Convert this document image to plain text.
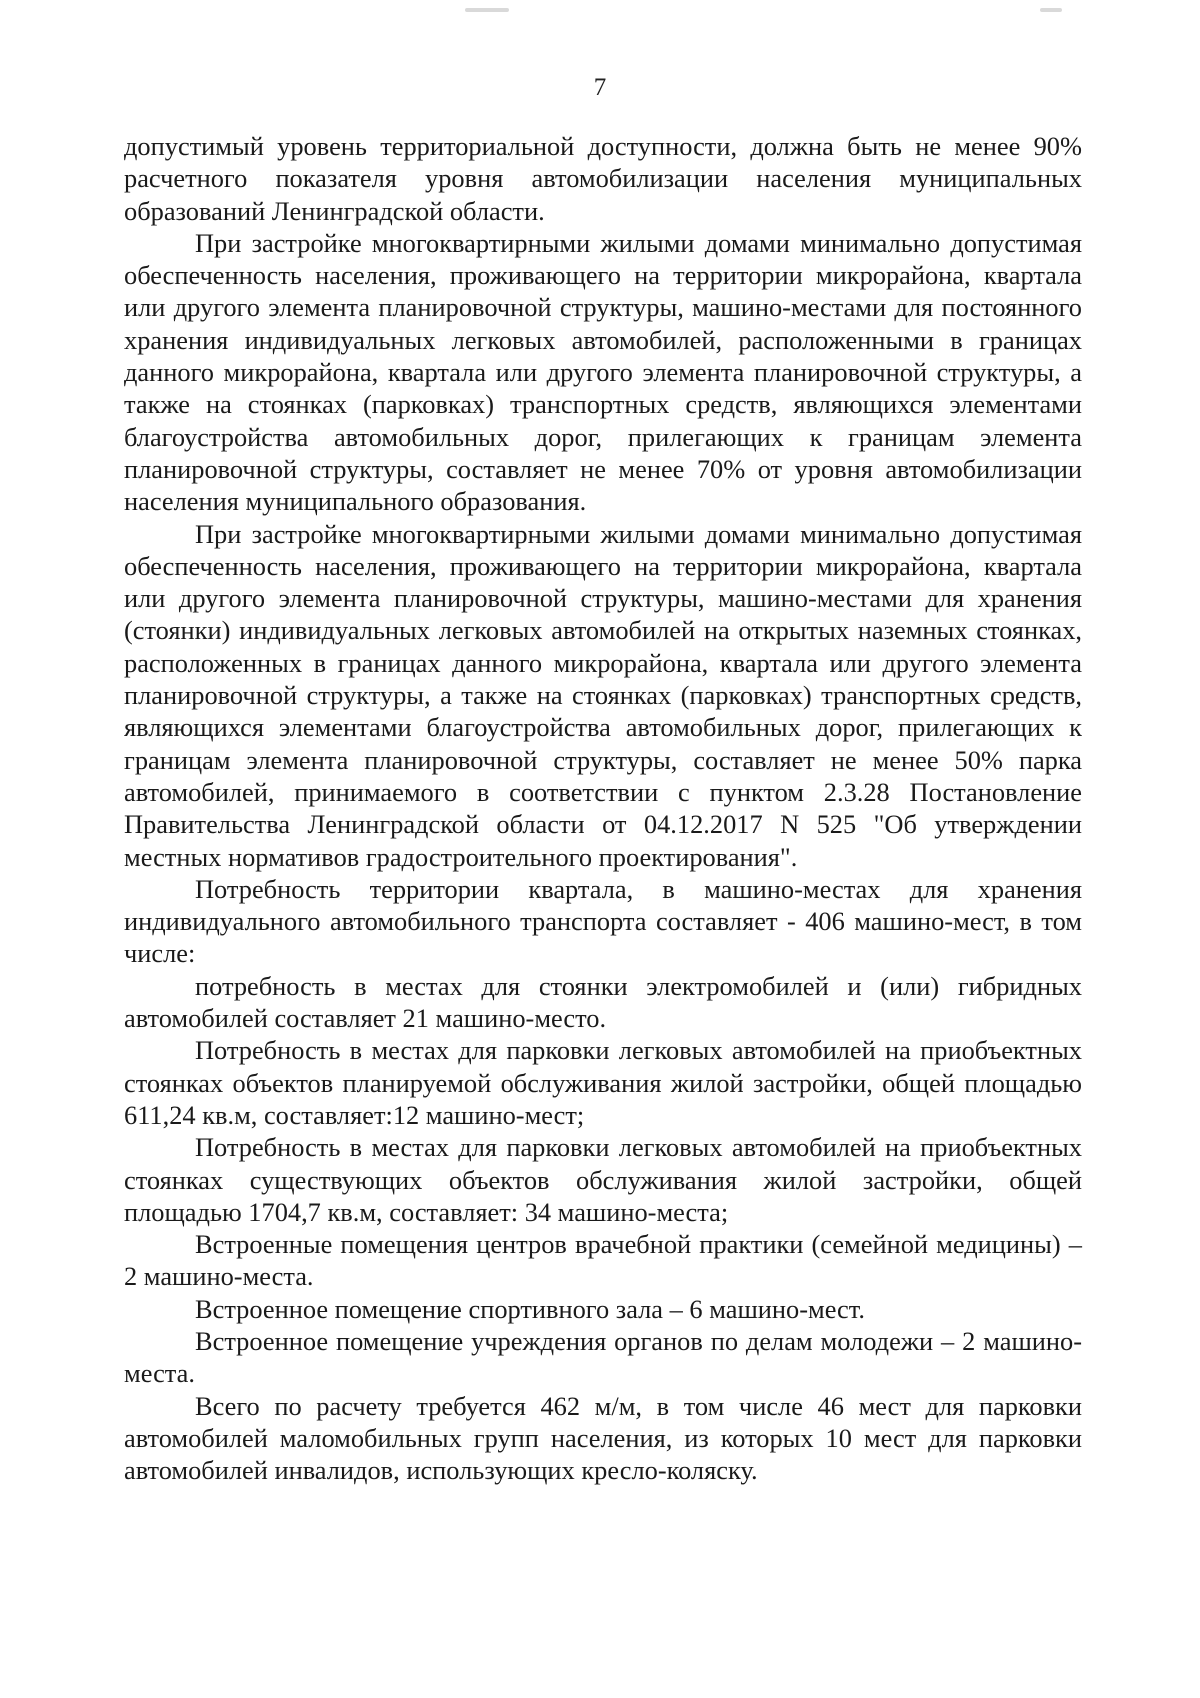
7

допустимый уровень территориальной доступности, должна быть не менее 90% расчетного показателя уровня автомобилизации населения муниципальных образований Ленинградской области.

При застройке многоквартирными жилыми домами минимально допустимая обеспеченность населения, проживающего на территории микрорайона, квартала или другого элемента планировочной структуры, машино-местами для постоянного хранения индивидуальных легковых автомобилей, расположенными в границах данного микрорайона, квартала или другого элемента планировочной структуры, а также на стоянках (парковках) транспортных средств, являющихся элементами благоустройства автомобильных дорог, прилегающих к границам элемента планировочной структуры, составляет не менее 70% от уровня автомобилизации населения муниципального образования.

При застройке многоквартирными жилыми домами минимально допустимая обеспеченность населения, проживающего на территории микрорайона, квартала или другого элемента планировочной структуры, машино-местами для хранения (стоянки) индивидуальных легковых автомобилей на открытых наземных стоянках, расположенных в границах данного микрорайона, квартала или другого элемента планировочной структуры, а также на стоянках (парковках) транспортных средств, являющихся элементами благоустройства автомобильных дорог, прилегающих к границам элемента планировочной структуры, составляет не менее 50% парка автомобилей, принимаемого в соответствии с пунктом 2.3.28 Постановление Правительства Ленинградской области от 04.12.2017 N 525 "Об утверждении местных нормативов градостроительного проектирования".

Потребность территории квартала, в машино-местах для хранения индивидуального автомобильного транспорта составляет - 406 машино-мест, в том числе:

потребность в местах для стоянки электромобилей и (или) гибридных автомобилей составляет 21 машино-место.

Потребность в местах для парковки легковых автомобилей на приобъектных стоянках объектов планируемой обслуживания жилой застройки, общей площадью 611,24 кв.м, составляет:12 машино-мест;

Потребность в местах для парковки легковых автомобилей на приобъектных стоянках существующих объектов обслуживания жилой застройки, общей площадью 1704,7 кв.м, составляет: 34 машино-места;

Встроенные помещения центров врачебной практики (семейной медицины) – 2 машино-места.

Встроенное помещение спортивного зала – 6 машино-мест.

Встроенное помещение учреждения органов по делам молодежи – 2 машино-места.

Всего по расчету требуется 462 м/м, в том числе 46 мест для парковки автомобилей маломобильных групп населения, из которых 10 мест для парковки автомобилей инвалидов, использующих кресло-коляску.
